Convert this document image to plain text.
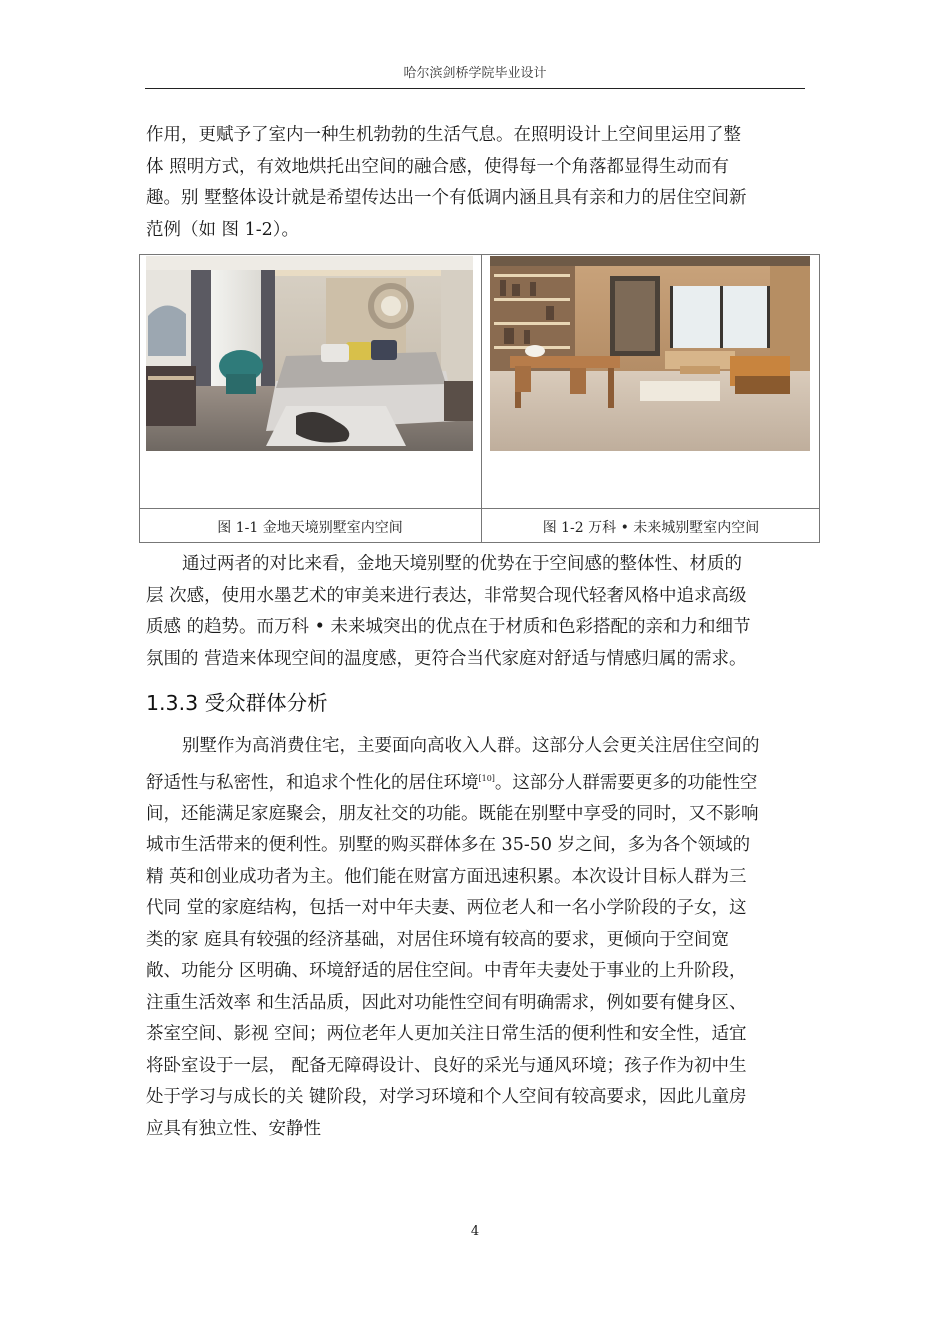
哈尔滨剑桥学院毕业设计

作用，更赋予了室内一种生机勃勃的生活气息。在照明设计上空间里运用了整

体 照明方式，有效地烘托出空间的融合感，使得每一个角落都显得生动而有

趣。别 墅整体设计就是希望传达出一个有低调内涵且具有亲和力的居住空间新

范例（如 图 1-2）。

图 1-1 金地天境别墅室内空间	图 1-2 万科 • 未来城别墅室内空间

通过两者的对比来看，金地天境别墅的优势在于空间感的整体性、材质的

层 次感，使用水墨艺术的审美来进行表达，非常契合现代轻奢风格中追求高级

质感 的趋势。而万科 • 未来城突出的优点在于材质和色彩搭配的亲和力和细节

氛围的 营造来体现空间的温度感，更符合当代家庭对舒适与情感归属的需求。

1.3.3 受众群体分析

别墅作为高消费住宅，主要面向高收入人群。这部分人会更关注居住空间的

舒适性与私密性，和追求个性化的居住环境[10]。这部分人群需要更多的功能性空

间，还能满足家庭聚会，朋友社交的功能。既能在别墅中享受的同时，又不影响

城市生活带来的便利性。别墅的购买群体多在 35-50 岁之间，多为各个领域的

精 英和创业成功者为主。他们能在财富方面迅速积累。本次设计目标人群为三

代同 堂的家庭结构，包括一对中年夫妻、两位老人和一名小学阶段的子女，这

类的家 庭具有较强的经济基础，对居住环境有较高的要求，更倾向于空间宽

敞、功能分 区明确、环境舒适的居住空间。中青年夫妻处于事业的上升阶段，

注重生活效率 和生活品质，因此对功能性空间有明确需求，例如要有健身区、

茶室空间、影视 空间；两位老年人更加关注日常生活的便利性和安全性，适宜

将卧室设于一层， 配备无障碍设计、良好的采光与通风环境；孩子作为初中生

处于学习与成长的关 键阶段，对学习环境和个人空间有较高要求，因此儿童房

应具有独立性、安静性

4
